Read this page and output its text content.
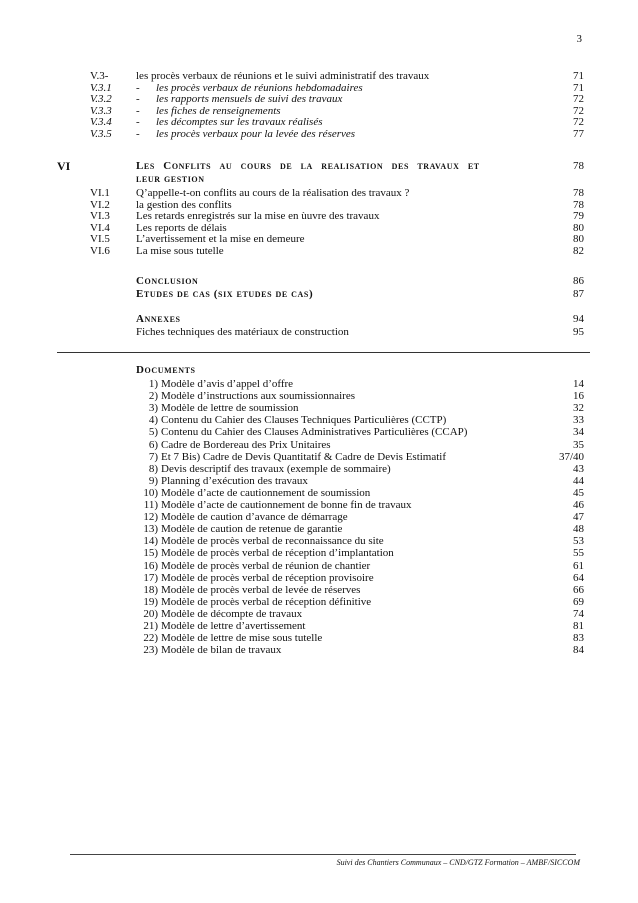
3
V.3-	les procès verbaux de réunions et le suivi administratif des travaux	71
V.3.1 - les procès verbaux de réunions hebdomadaires	71
V.3.2 - les rapports mensuels de suivi des travaux	72
V.3.3 - les fiches de renseignements	72
V.3.4 - les décomptes sur les travaux réalisés	72
V.3.5 - les procès verbaux pour la levée des réserves	77
VI	Les Conflits au cours de la realisation des travaux et	78
leur gestion
VI.1 Q’appelle-t-on conflits au cours de la réalisation des travaux ?	78
VI.2 la gestion des conflits	78
VI.3 Les retards enregistrés sur la mise en ùuvre des travaux	79
VI.4 Les reports de délais	80
VI.5 L’avertissement et la mise en demeure	80
VI.6 La mise sous tutelle	82
Conclusion	86
Etudes de cas (six etudes de cas)	87
Annexes	94
Fiches techniques des matériaux de construction	95
Documents
1) Modèle d’avis d’appel d’offre	14
2) Modèle d’instructions aux soumissionnaires	16
3) Modèle de lettre de soumission	32
4) Contenu du Cahier des Clauses Techniques Particulières (CCTP)	33
5) Contenu du Cahier des Clauses Administratives Particulières (CCAP)	34
6) Cadre de Bordereau des Prix Unitaires	35
7) Et 7 Bis) Cadre de Devis Quantitatif & Cadre de Devis Estimatif	37/40
8) Devis descriptif des travaux (exemple de sommaire)	43
9) Planning d’exécution des travaux	44
10) Modèle d’acte de cautionnement de soumission	45
11) Modèle d’acte de cautionnement de bonne fin de travaux	46
12) Modèle de caution d’avance de démarrage	47
13) Modèle de caution de retenue de garantie	48
14) Modèle de procès verbal de reconnaissance du site	53
15) Modèle de procès verbal de réception d’implantation	55
16) Modèle de procès verbal de réunion de chantier	61
17) Modèle de procès verbal de réception provisoire	64
18) Modèle de procès verbal de levée de réserves	66
19) Modèle de procès verbal de réception définitive	69
20) Modèle de décompte de travaux	74
21) Modèle de lettre d’avertissement	81
22) Modèle de lettre de mise sous tutelle	83
23) Modèle de bilan de travaux	84
Suivi des Chantiers Communaux – CND/GTZ Formation – AMBF/SICCOM
